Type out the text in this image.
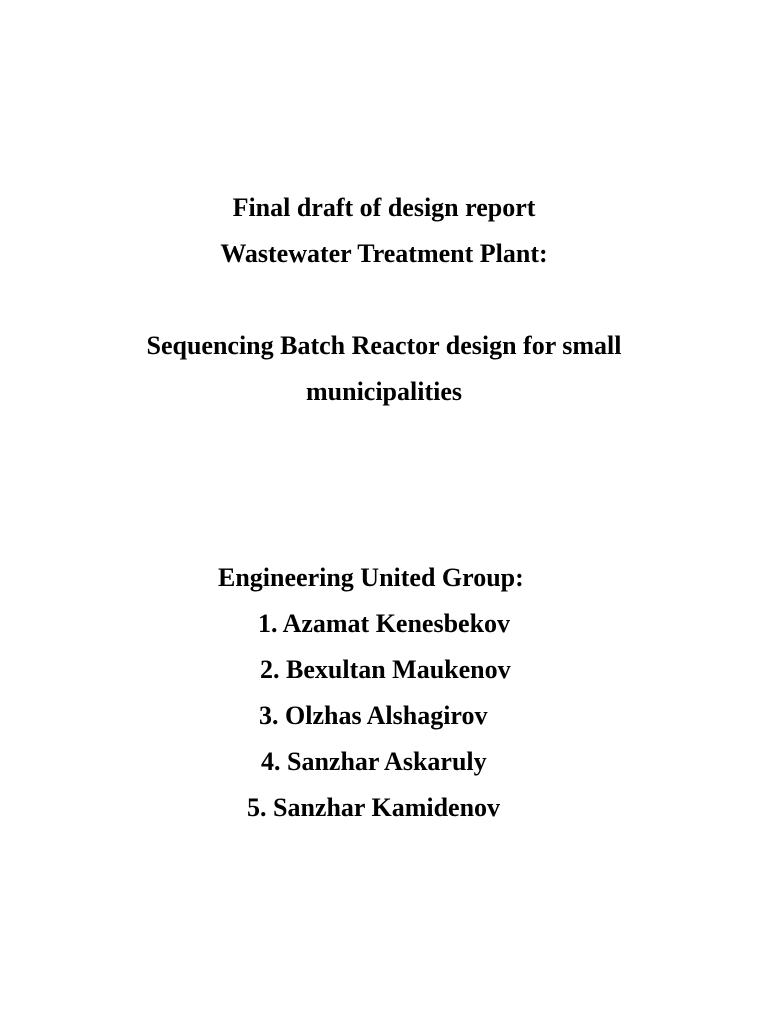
Final draft of design report
Wastewater Treatment Plant:
Sequencing Batch Reactor design for small
municipalities
Engineering United Group:
1. Azamat Kenesbekov
2. Bexultan Maukenov
3. Olzhas Alshagirov
4. Sanzhar Askaruly
5. Sanzhar Kamidenov
